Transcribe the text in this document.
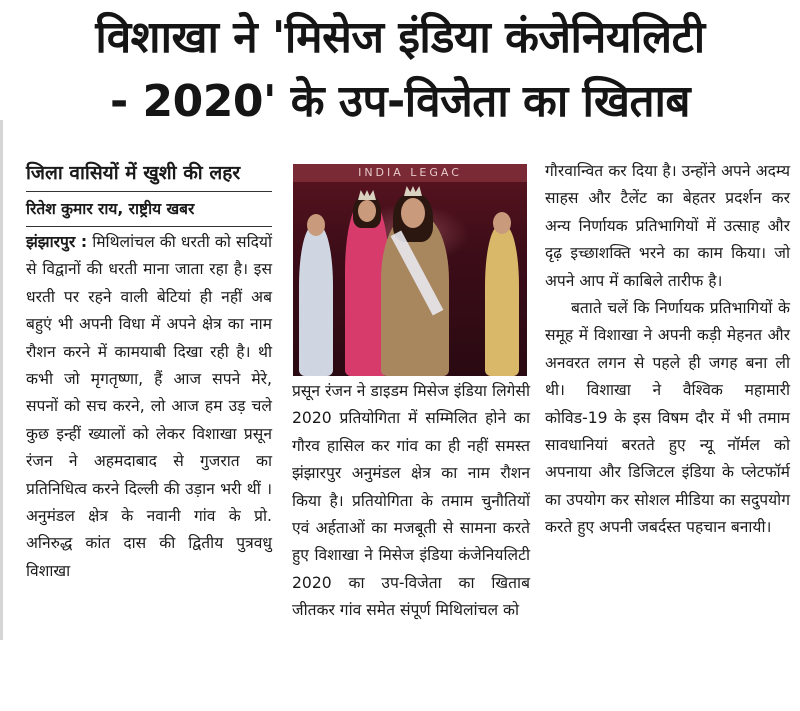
विशाखा ने 'मिसेज इंडिया कंजेनियलिटी
- 2020' के उप-विजेता का खिताब
जिला वासियों में खुशी की लहर
रितेश कुमार राय, राष्ट्रीय खबर

झंझारपुर : मिथिलांचल की धरती को सदियों से विद्वानों की धरती माना जाता रहा है। इस धरती पर रहने वाली बेटियां ही नहीं अब बहुएं भी अपनी विधा में अपने क्षेत्र का नाम रौशन करने में कामयाबी दिखा रही है। थी कभी जो मृगतृष्णा, हैं आज सपने मेरे, सपनों को सच करने, लो आज हम उड़ चले कुछ इन्हीं ख्यालों को लेकर विशाखा प्रसून रंजन ने अहमदाबाद से गुजरात का प्रतिनिधित्व करने दिल्ली की उड़ान भरी थीं । अनुमंडल क्षेत्र के नवानी गांव के प्रो. अनिरुद्ध कांत दास की द्वितीय पुत्रवधु विशाखा

INDIA LEGAC

प्रसून रंजन ने डाइडम मिसेज इंडिया लिगेसी 2020 प्रतियोगिता में सम्मिलित होने का गौरव हासिल कर गांव का ही नहीं समस्त झंझारपुर अनुमंडल क्षेत्र का नाम रौशन किया है। प्रतियोगिता के तमाम चुनौतियों एवं अर्हताओं का मजबूती से सामना करते हुए विशाखा ने मिसेज इंडिया कंजेनियलिटी 2020 का उप-विजेता का खिताब जीतकर गांव समेत संपूर्ण मिथिलांचल को

गौरवान्वित कर दिया है। उन्होंने अपने अदम्य साहस और टैलेंट का बेहतर प्रदर्शन कर अन्य निर्णायक प्रतिभागियों में उत्साह और दृढ़ इच्छाशक्ति भरने का काम किया। जो अपने आप में काबिले तारीफ है।

बताते चलें कि निर्णायक प्रतिभागियों के समूह में विशाखा ने अपनी कड़ी मेहनत और अनवरत लगन से पहले ही जगह बना ली थी। विशाखा ने वैश्विक महामारी कोविड-19 के इस विषम दौर में भी तमाम सावधानियां बरतते हुए न्यू नॉर्मल को अपनाया और डिजिटल इंडिया के प्लेटफॉर्म का उपयोग कर सोशल मीडिया का सदुपयोग करते हुए अपनी जबर्दस्त पहचान बनायी।
